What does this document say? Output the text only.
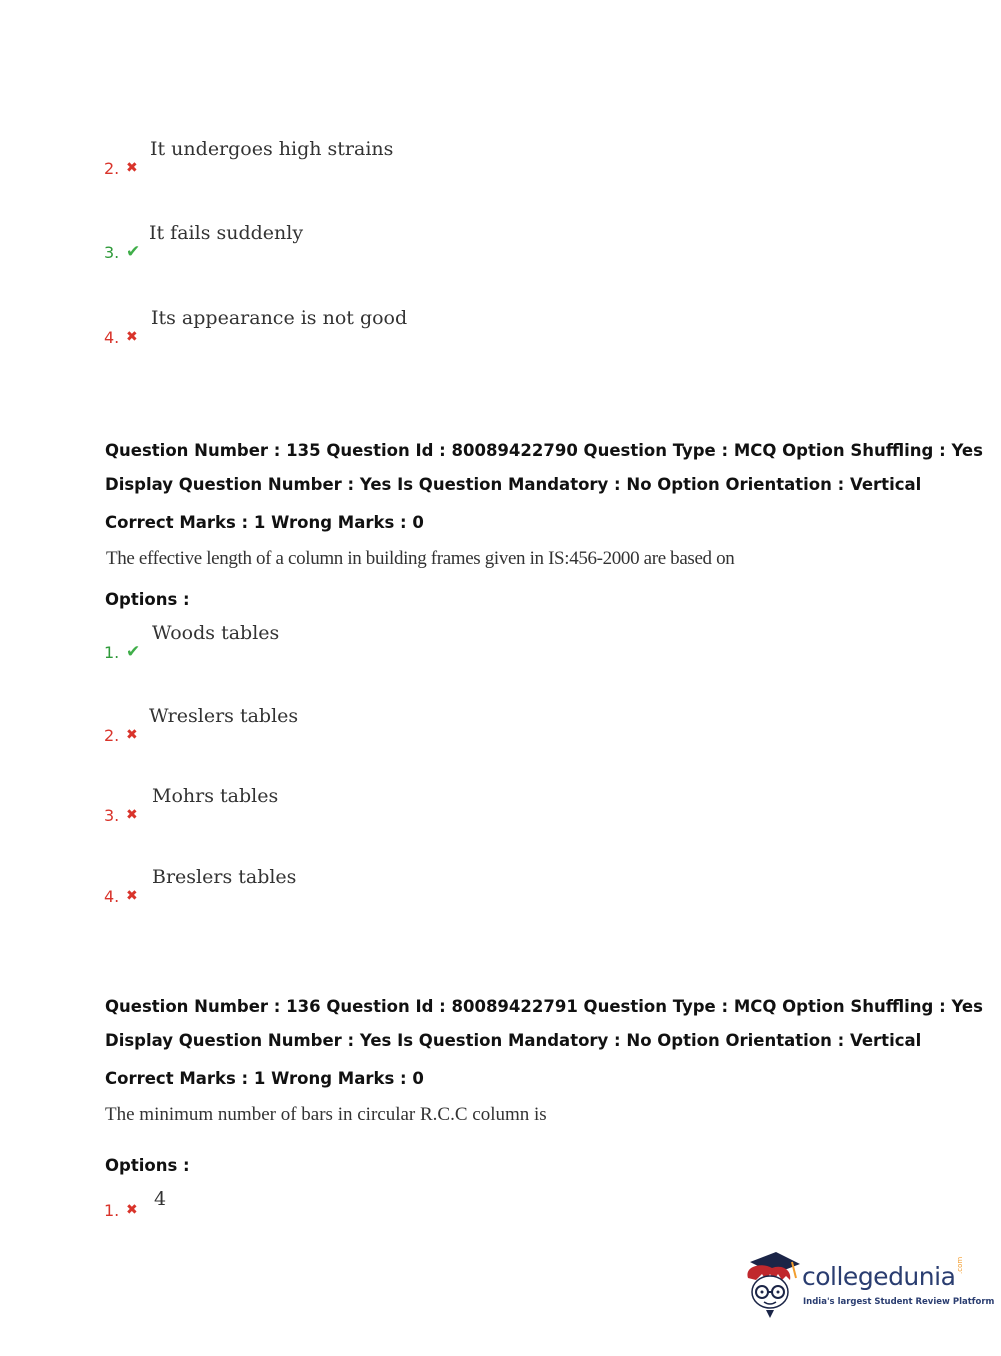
2. ✖
It undergoes high strains
3. ✔
It fails suddenly
4. ✖
Its appearance is not good
Question Number : 135 Question Id : 80089422790 Question Type : MCQ Option Shuffling : Yes
Display Question Number : Yes Is Question Mandatory : No Option Orientation : Vertical
Correct Marks : 1 Wrong Marks : 0
The effective length of a column in building frames given in IS:456-2000 are based on
Options :
1. ✔
Woods tables
2. ✖
Wreslers tables
3. ✖
Mohrs tables
4. ✖
Breslers tables
Question Number : 136 Question Id : 80089422791 Question Type : MCQ Option Shuffling : Yes
Display Question Number : Yes Is Question Mandatory : No Option Orientation : Vertical
Correct Marks : 1 Wrong Marks : 0
The minimum number of bars in circular R.C.C column is
Options :
1. ✖ 4
collegedunia .com
India's largest Student Review Platform
